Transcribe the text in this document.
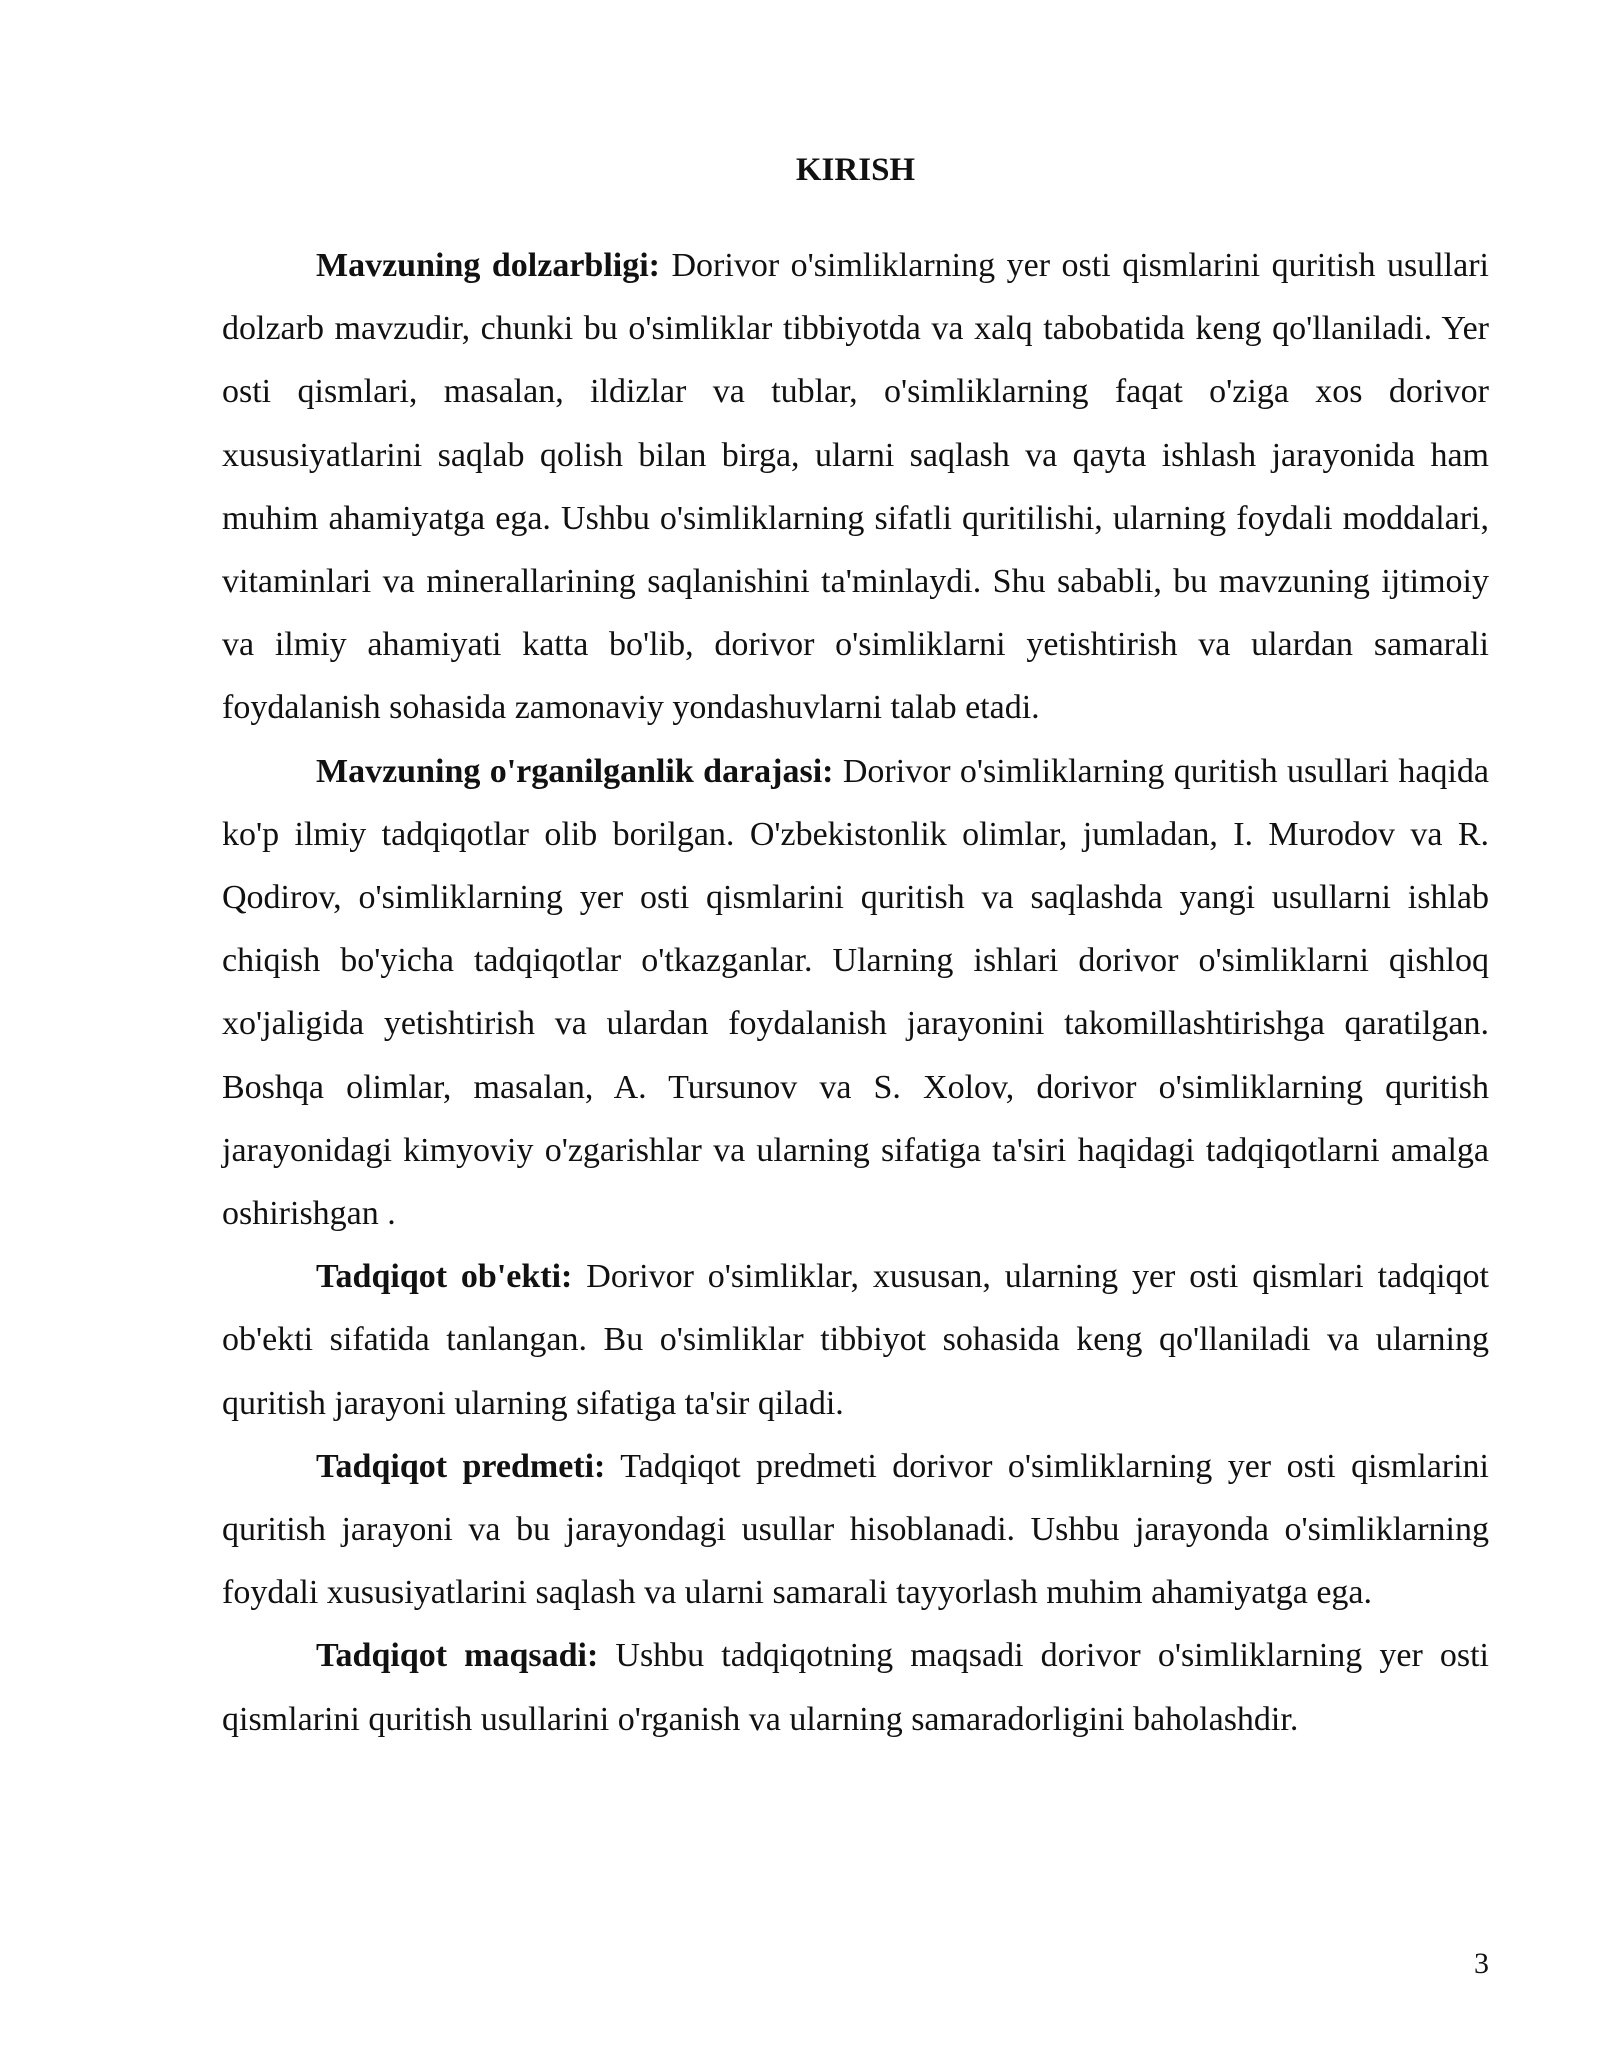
KIRISH

Mavzuning dolzarbligi: Dorivor o'simliklarning yer osti qismlarini quritish usullari dolzarb mavzudir, chunki bu o'simliklar tibbiyotda va xalq tabobatida keng qo'llaniladi. Yer osti qismlari, masalan, ildizlar va tublar, o'simliklarning faqat o'ziga xos dorivor xususiyatlarini saqlab qolish bilan birga, ularni saqlash va qayta ishlash jarayonida ham muhim ahamiyatga ega. Ushbu o'simliklarning sifatli quritilishi, ularning foydali moddalari, vitaminlari va minerallarining saqlanishini ta'minlaydi. Shu sababli, bu mavzuning ijtimoiy va ilmiy ahamiyati katta bo'lib, dorivor o'simliklarni yetishtirish va ulardan samarali foydalanish sohasida zamonaviy yondashuvlarni talab etadi.

Mavzuning o'rganilganlik darajasi: Dorivor o'simliklarning quritish usullari haqida ko'p ilmiy tadqiqotlar olib borilgan. O'zbekistonlik olimlar, jumladan, I. Murodov va R. Qodirov, o'simliklarning yer osti qismlarini quritish va saqlashda yangi usullarni ishlab chiqish bo'yicha tadqiqotlar o'tkazganlar. Ularning ishlari dorivor o'simliklarni qishloq xo'jaligida yetishtirish va ulardan foydalanish jarayonini takomillashtirishga qaratilgan. Boshqa olimlar, masalan, A. Tursunov va S. Xolov, dorivor o'simliklarning quritish jarayonidagi kimyoviy o'zgarishlar va ularning sifatiga ta'siri haqidagi tadqiqotlarni amalga oshirishgan .

Tadqiqot ob'ekti: Dorivor o'simliklar, xususan, ularning yer osti qismlari tadqiqot ob'ekti sifatida tanlangan. Bu o'simliklar tibbiyot sohasida keng qo'llaniladi va ularning quritish jarayoni ularning sifatiga ta'sir qiladi.

Tadqiqot predmeti: Tadqiqot predmeti dorivor o'simliklarning yer osti qismlarini quritish jarayoni va bu jarayondagi usullar hisoblanadi. Ushbu jarayonda o'simliklarning foydali xususiyatlarini saqlash va ularni samarali tayyorlash muhim ahamiyatga ega.

Tadqiqot maqsadi: Ushbu tadqiqotning maqsadi dorivor o'simliklarning yer osti qismlarini quritish usullarini o'rganish va ularning samaradorligini baholashdir.

3
